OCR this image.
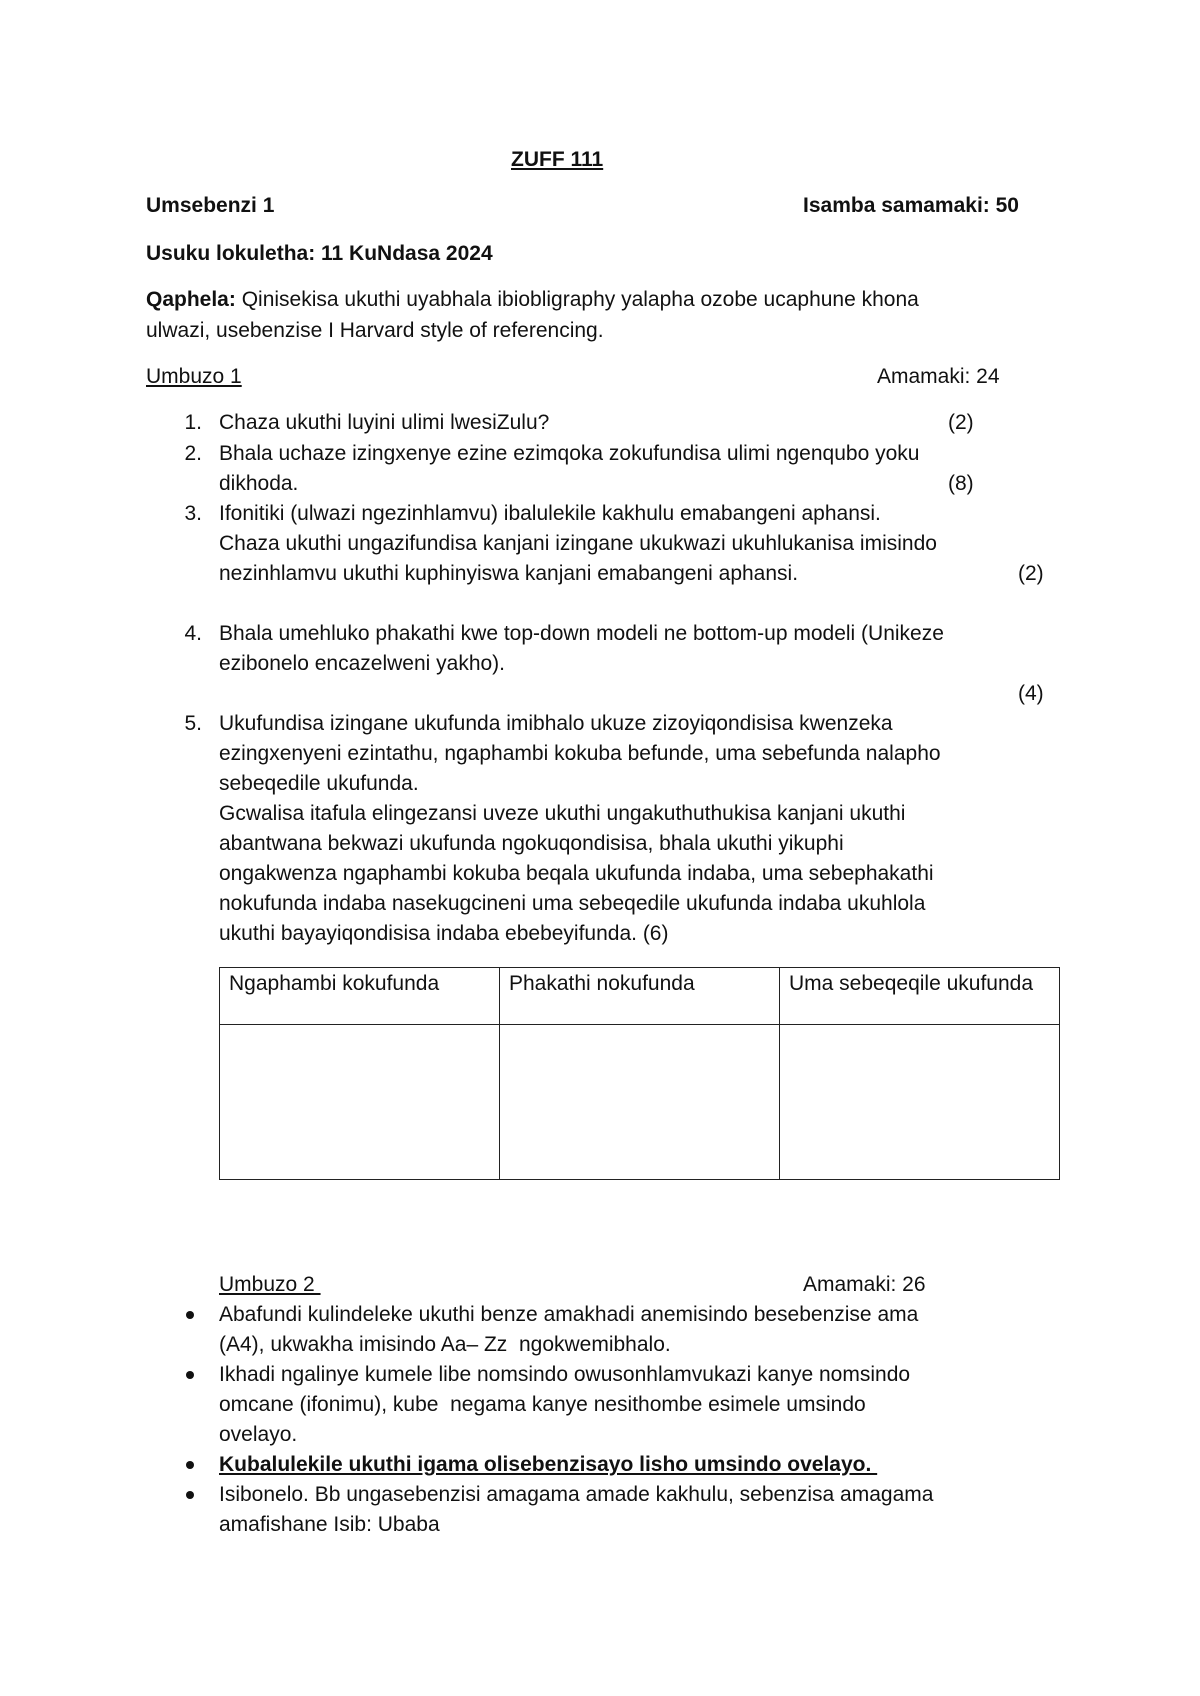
ZUFF 111
Umsebenzi 1	Isamba samamaki: 50
Usuku lokuletha: 11 KuNdasa 2024
Qaphela: Qinisekisa ukuthi uyabhala ibiobligraphy yalapha ozobe ucaphune khona
ulwazi, usebenzise I Harvard style of referencing.
Umbuzo 1	Amamaki: 24
1. Chaza ukuthi luyini ulimi lwesiZulu?	(2)
2. Bhala uchaze izingxenye ezine ezimqoka zokufundisa ulimi ngenqubo yoku
dikhoda.	(8)
3. Ifonitiki (ulwazi ngezinhlamvu) ibalulekile kakhulu emabangeni aphansi.
Chaza ukuthi ungazifundisa kanjani izingane ukukwazi ukuhlukanisa imisindo
nezinhlamvu ukuthi kuphinyiswa kanjani emabangeni aphansi.	(2)
4. Bhala umehluko phakathi kwe top-down modeli ne bottom-up modeli (Unikeze
ezibonelo encazelweni yakho).
(4)
5. Ukufundisa izingane ukufunda imibhalo ukuze zizoyiqondisisa kwenzeka
ezingxenyeni ezintathu, ngaphambi kokuba befunde, uma sebefunda nalapho
sebeqedile ukufunda.
Gcwalisa itafula elingezansi uveze ukuthi ungakuthuthukisa kanjani ukuthi
abantwana bekwazi ukufunda ngokuqondisisa, bhala ukuthi yikuphi
ongakwenza ngaphambi kokuba beqala ukufunda indaba, uma sebephakathi
nokufunda indaba nasekugcineni uma sebeqedile ukufunda indaba ukuhlola
ukuthi bayayiqondisisa indaba ebebeyifunda. (6)
Ngaphambi kokufunda	Phakathi nokufunda	Uma sebeqeqile ukufunda

Umbuzo 2	Amamaki: 26
Abafundi kulindeleke ukuthi benze amakhadi anemisindo besebenzise ama
(A4), ukwakha imisindo Aa– Zz  ngokwemibhalo.
Ikhadi ngalinye kumele libe nomsindo owusonhlamvukazi kanye nomsindo
omcane (ifonimu), kube  negama kanye nesithombe esimele umsindo
ovelayo.
Kubalulekile ukuthi igama olisebenzisayo lisho umsindo ovelayo.
Isibonelo. Bb ungasebenzisi amagama amade kakhulu, sebenzisa amagama
amafishane Isib: Ubaba
